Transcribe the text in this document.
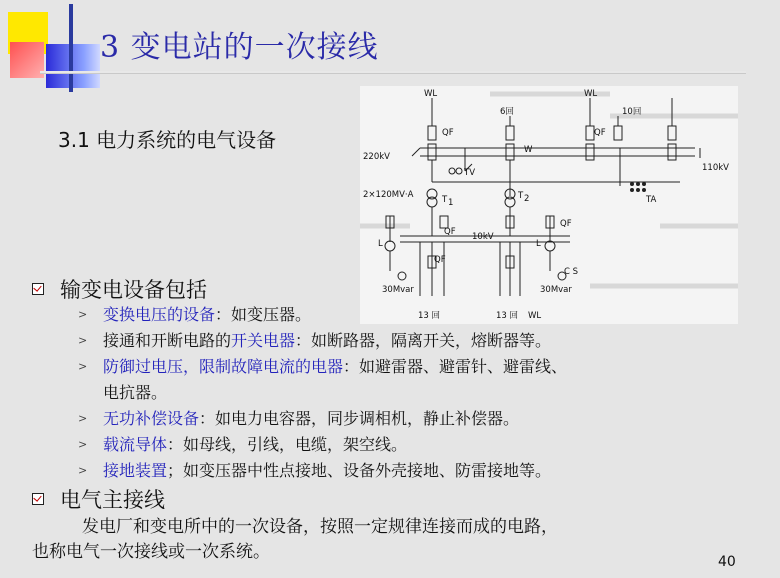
3 变电站的一次接线
3.1 电力系统的电气设备
WL
6回
WL
10回
QF	QF
W
220kV
TV	110kV
2×120MV·A	T 1
T 2	TA
QF
QF
10kV
L	L
QF
C S
30Mvar	30Mvar
13 回	13 回 WL
输变电设备包括
> 变换电压的设备：如变压器。
> 接通和开断电路的开关电器：如断路器，隔离开关，熔断器等。
> 防御过电压，限制故障电流的电器：如避雷器、避雷针、避雷线、
电抗器。
> 无功补偿设备：如电力电容器，同步调相机，静止补偿器。
> 载流导体：如母线，引线，电缆，架空线。
> 接地装置；如变压器中性点接地、设备外壳接地、防雷接地等。
电气主接线
发电厂和变电所中的一次设备，按照一定规律连接而成的电路，
也称电气一次接线或一次系统。	40
